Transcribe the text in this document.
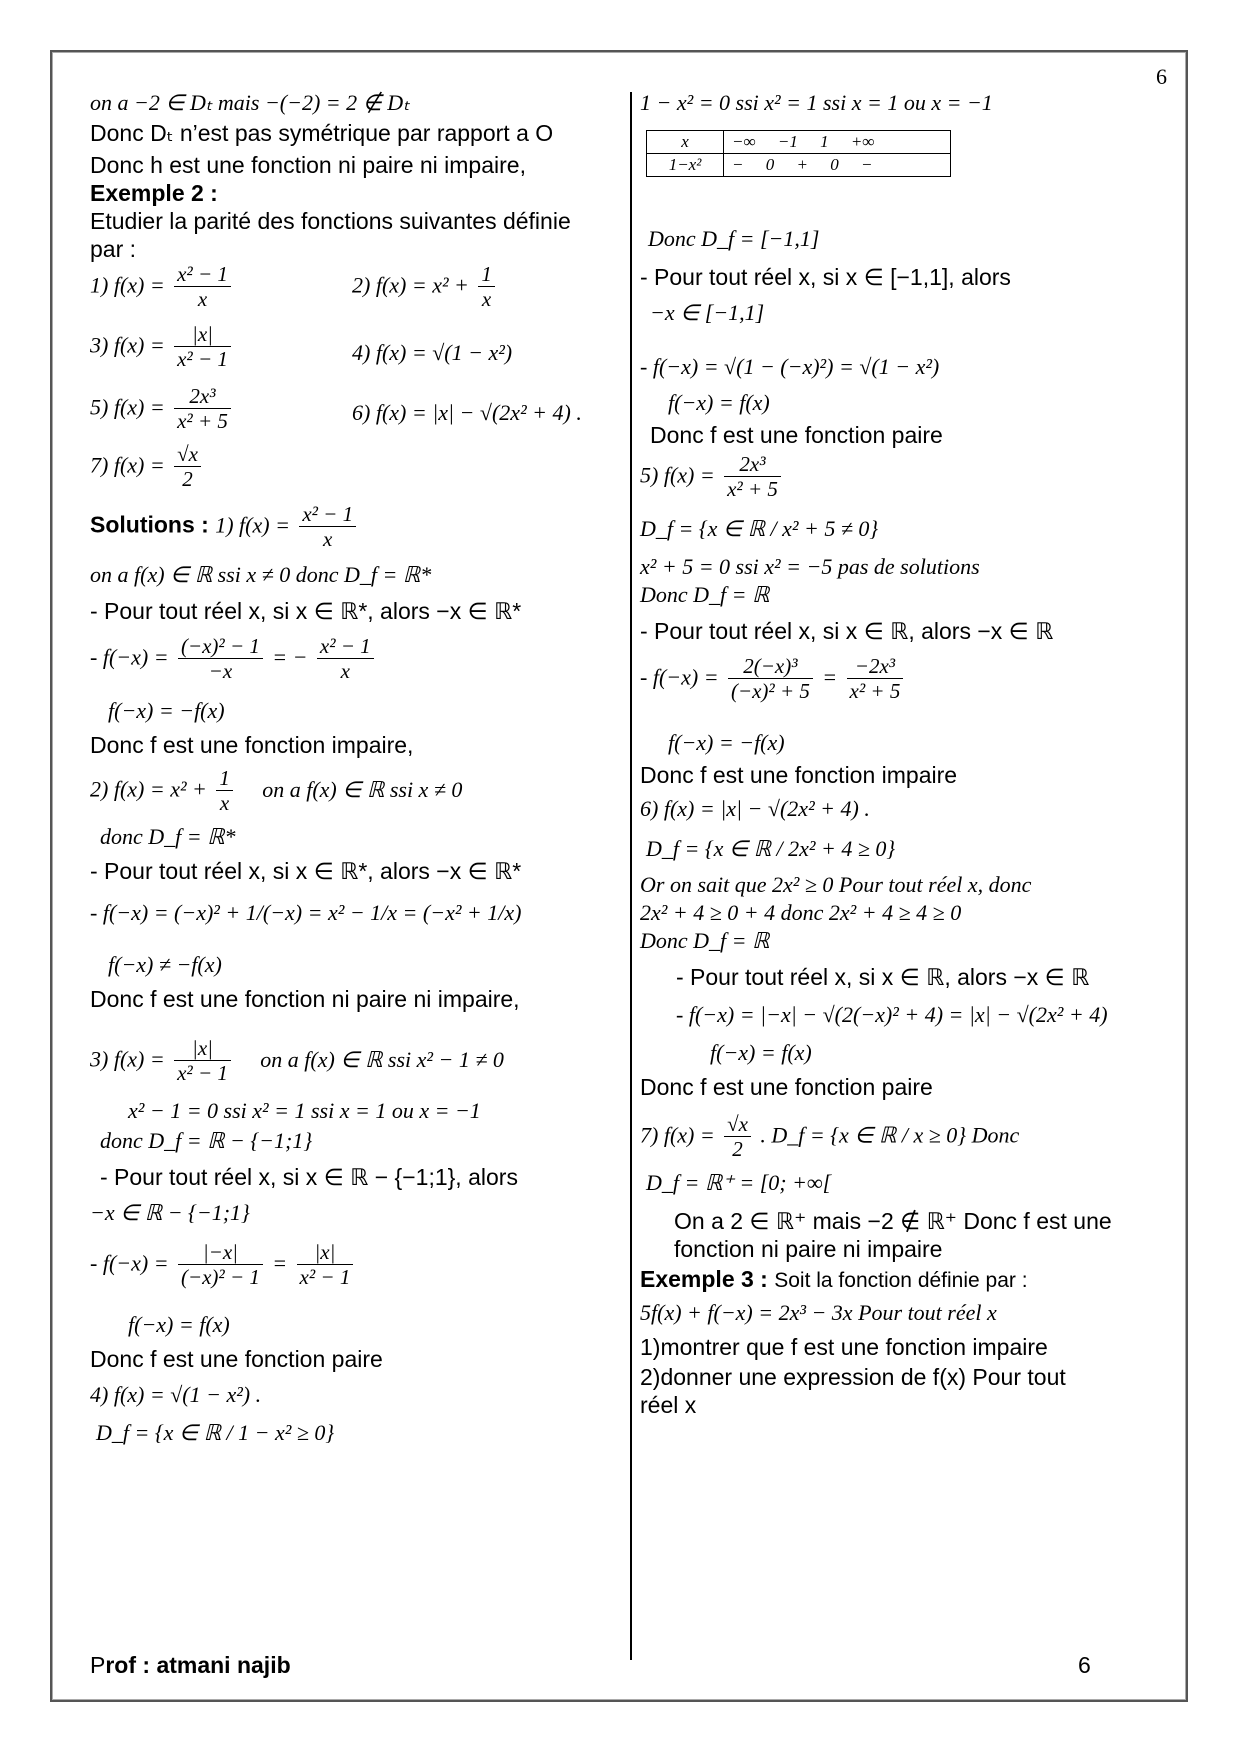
6
on a −2 ∈ Dₜ mais −(−2) = 2 ∉ Dₜ
Donc Dₜ n’est pas symétrique par rapport a O
Donc h est une fonction ni paire ni impaire,
Exemple 2 :
Etudier la parité des fonctions suivantes définie par :
1) $f(x) = \frac{\text{x² − 1}}{x}$	2) $f(x) = x^2 + \frac{1}{x}$
3) $f(x) = \frac{|x|}{\text{x² − 1}}$	4) f(x) = √(1 − x²)
5) $f(x) = \frac{\text{2x³}}{\text{x² + 5}}$	6) f(x) = |x| − √(2x² + 4) .
7) $f(x) = \frac{√x}{2}$
Solutions : 1) $f(x) = \frac{\text{x² − 1}}{x}$
on a f(x) ∈ ℝ ssi x ≠ 0 donc D_f = ℝ*
- Pour tout réel x, si x ∈ ℝ*, alors −x ∈ ℝ*
- $f(-x) = \frac{\text{(−x)² − 1}}{-x}$ = − $\frac{\text{x² − 1}}{x}$
f(−x) = −f(x)
Donc f est une fonction impaire,
2) $f(x) = x^2 + \frac{1}{x}$ on a f(x) ∈ ℝ ssi x ≠ 0
donc D_f = ℝ*
- Pour tout réel x, si x ∈ ℝ*, alors −x ∈ ℝ*
- f(−x) = (−x)² + 1/(−x) = x² − 1/x = (−x² + 1/x)
f(−x) ≠ −f(x)
Donc f est une fonction ni paire ni impaire,
3) $f(x) = \frac{|x|}{\text{x² − 1}}$ on a f(x) ∈ ℝ ssi x² − 1 ≠ 0
x² − 1 = 0 ssi x² = 1 ssi x = 1 ou x = −1
donc D_f = ℝ − {−1;1}
- Pour tout réel x, si x ∈ ℝ − {−1;1}, alors
−x ∈ ℝ − {−1;1}
- $f(-x) = \frac{|-x|}{\text{(−x)² − 1}} = \frac{|x|}{\text{x² − 1}}$
f(−x) = f(x)
Donc f est une fonction paire
4) f(x) = √(1 − x²) .
D_f = {x ∈ ℝ / 1 − x² ≥ 0}
1 − x² = 0 ssi x² = 1 ssi x = 1 ou x = −1
x	−∞ −1 1 +∞
1−x²	− 0 + 0 −
Donc D_f = [−1,1]
- Pour tout réel x, si x ∈ [−1,1], alors
−x ∈ [−1,1]
- f(−x) = √(1 − (−x)²) = √(1 − x²)
f(−x) = f(x)
Donc f est une fonction paire
5) $f(x) = \frac{\text{2x³}}{\text{x² + 5}}$
D_f = {x ∈ ℝ / x² + 5 ≠ 0}
x² + 5 = 0 ssi x² = −5 pas de solutions
Donc D_f = ℝ
- Pour tout réel x, si x ∈ ℝ, alors −x ∈ ℝ
- $f(-x) = \frac{\text{2(−x)³}}{\text{(−x)² + 5}} = \frac{\text{−2x³}}{\text{x² + 5}}$
f(−x) = −f(x)
Donc f est une fonction impaire
6) f(x) = |x| − √(2x² + 4) .
D_f = {x ∈ ℝ / 2x² + 4 ≥ 0}
Or on sait que 2x² ≥ 0 Pour tout réel x, donc
2x² + 4 ≥ 0 + 4 donc 2x² + 4 ≥ 4 ≥ 0
Donc D_f = ℝ
- Pour tout réel x, si x ∈ ℝ, alors −x ∈ ℝ
- f(−x) = |−x| − √(2(−x)² + 4) = |x| − √(2x² + 4)
f(−x) = f(x)
Donc f est une fonction paire
7) $f(x) = \frac{√x}{2}$ . D_f = {x ∈ ℝ / x ≥ 0} Donc
D_f = ℝ⁺ = [0; +∞[
On a 2 ∈ ℝ⁺ mais −2 ∉ ℝ⁺ Donc f est une fonction ni paire ni impaire
Exemple 3 : Soit la fonction définie par :
5f(x) + f(−x) = 2x³ − 3x Pour tout réel x
1)montrer que f est une fonction impaire
2)donner une expression de f(x) Pour tout réel x
Prof : atmani najib	6
